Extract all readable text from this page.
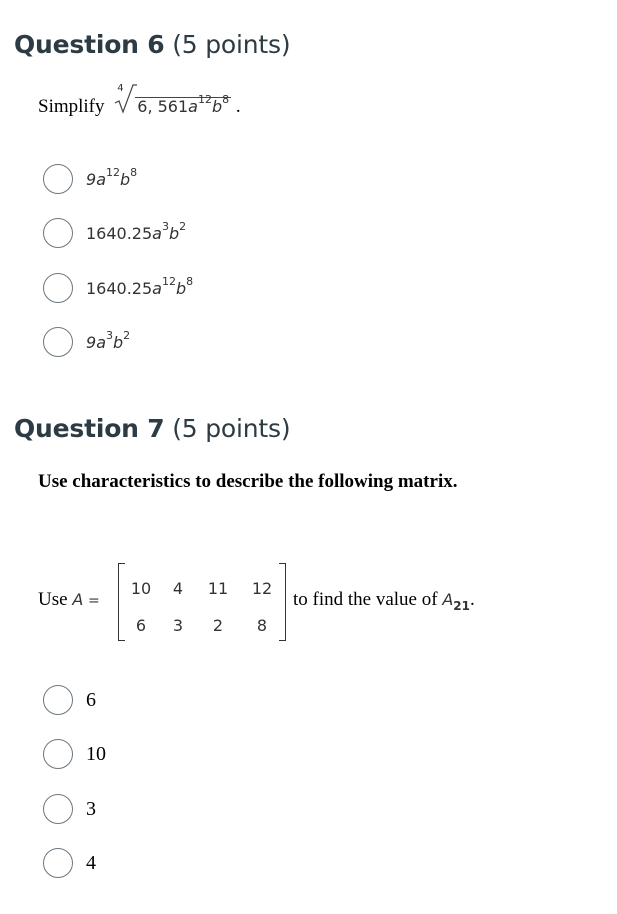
Question 6 (5 points)
Simplify
4
6, $561a^{12}b^8$ .
$9a^{12}b^8$
$1640.25a^3b^2$
$1640.25a^{12}b^8$
$9a^3b^2$
Question 7 (5 points)
Use characteristics to describe the following matrix.
Use A =
10	4	11	12
6	3	2	8
to find the value of $A_{21}$.
6
10
3
4
